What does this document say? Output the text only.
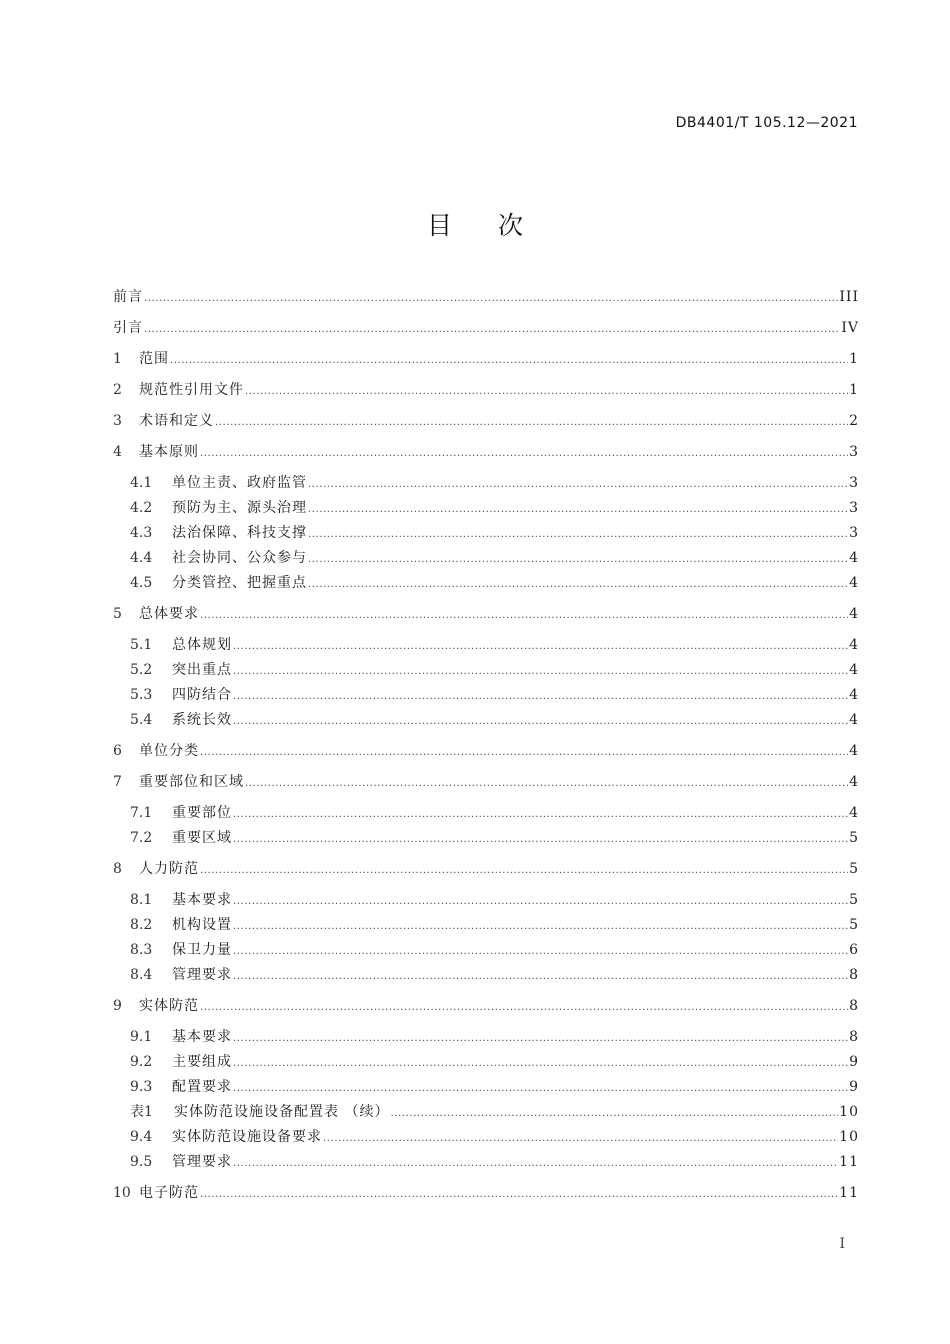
DB4401/T 105.12—2021
目次
前言 .....	III
引言 .....	IV
1	范围 .....	1
2	规范性引用文件 .....	1
3	术语和定义 .....	2
4	基本原则 .....	3
4.1	单位主责、政府监管 .....	3
4.2	预防为主、源头治理 .....	3
4.3	法治保障、科技支撑 .....	3
4.4	社会协同、公众参与 .....	4
4.5	分类管控、把握重点 .....	4
5	总体要求 .....	4
5.1	总体规划 .....	4
5.2	突出重点 .....	4
5.3	四防结合 .....	4
5.4	系统长效 .....	4
6	单位分类 .....	4
7	重要部位和区域 .....	4
7.1	重要部位 .....	4
7.2	重要区域 .....	5
8	人力防范 .....	5
8.1	基本要求 .....	5
8.2	机构设置 .....	5
8.3	保卫力量 .....	6
8.4	管理要求 .....	8
9	实体防范 .....	8
9.1	基本要求 .....	8
9.2	主要组成 .....	9
9.3	配置要求 .....	9
表1	实体防范设施设备配置表 （续） .....	10
9.4	实体防范设施设备要求 .....	10
9.5	管理要求 .....	11
10 电子防范 .....	11
I
